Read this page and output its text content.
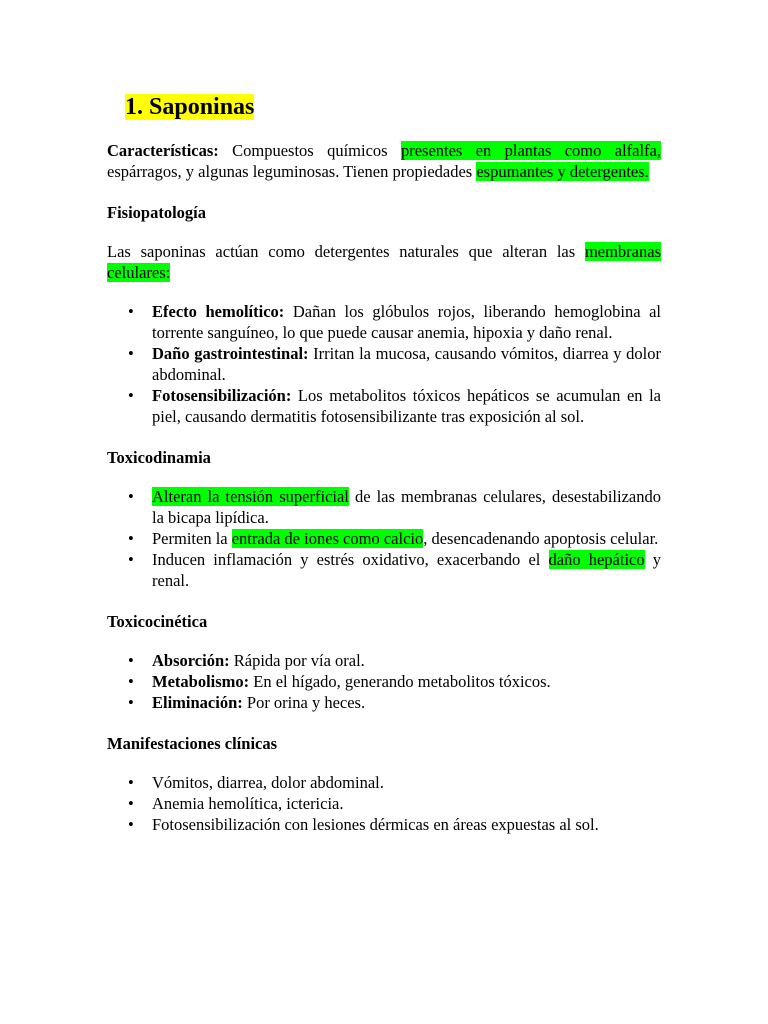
1. Saponinas

Características: Compuestos químicos presentes en plantas como alfalfa, espárragos, y algunas leguminosas. Tienen propiedades espumantes y detergentes.

Fisiopatología

Las saponinas actúan como detergentes naturales que alteran las membranas celulares:

• Efecto hemolítico: Dañan los glóbulos rojos, liberando hemoglobina al torrente sanguíneo, lo que puede causar anemia, hipoxia y daño renal.
• Daño gastrointestinal: Irritan la mucosa, causando vómitos, diarrea y dolor abdominal.
• Fotosensibilización: Los metabolitos tóxicos hepáticos se acumulan en la piel, causando dermatitis fotosensibilizante tras exposición al sol.
Toxicodinamia
• Alteran la tensión superficial de las membranas celulares, desestabilizando la bicapa lipídica.
• Permiten la entrada de iones como calcio, desencadenando apoptosis celular.
• Inducen inflamación y estrés oxidativo, exacerbando el daño hepático y renal.
Toxicocinética
• Absorción: Rápida por vía oral.
• Metabolismo: En el hígado, generando metabolitos tóxicos.
• Eliminación: Por orina y heces.
Manifestaciones clínicas
• Vómitos, diarrea, dolor abdominal.
• Anemia hemolítica, ictericia.
• Fotosensibilización con lesiones dérmicas en áreas expuestas al sol.
